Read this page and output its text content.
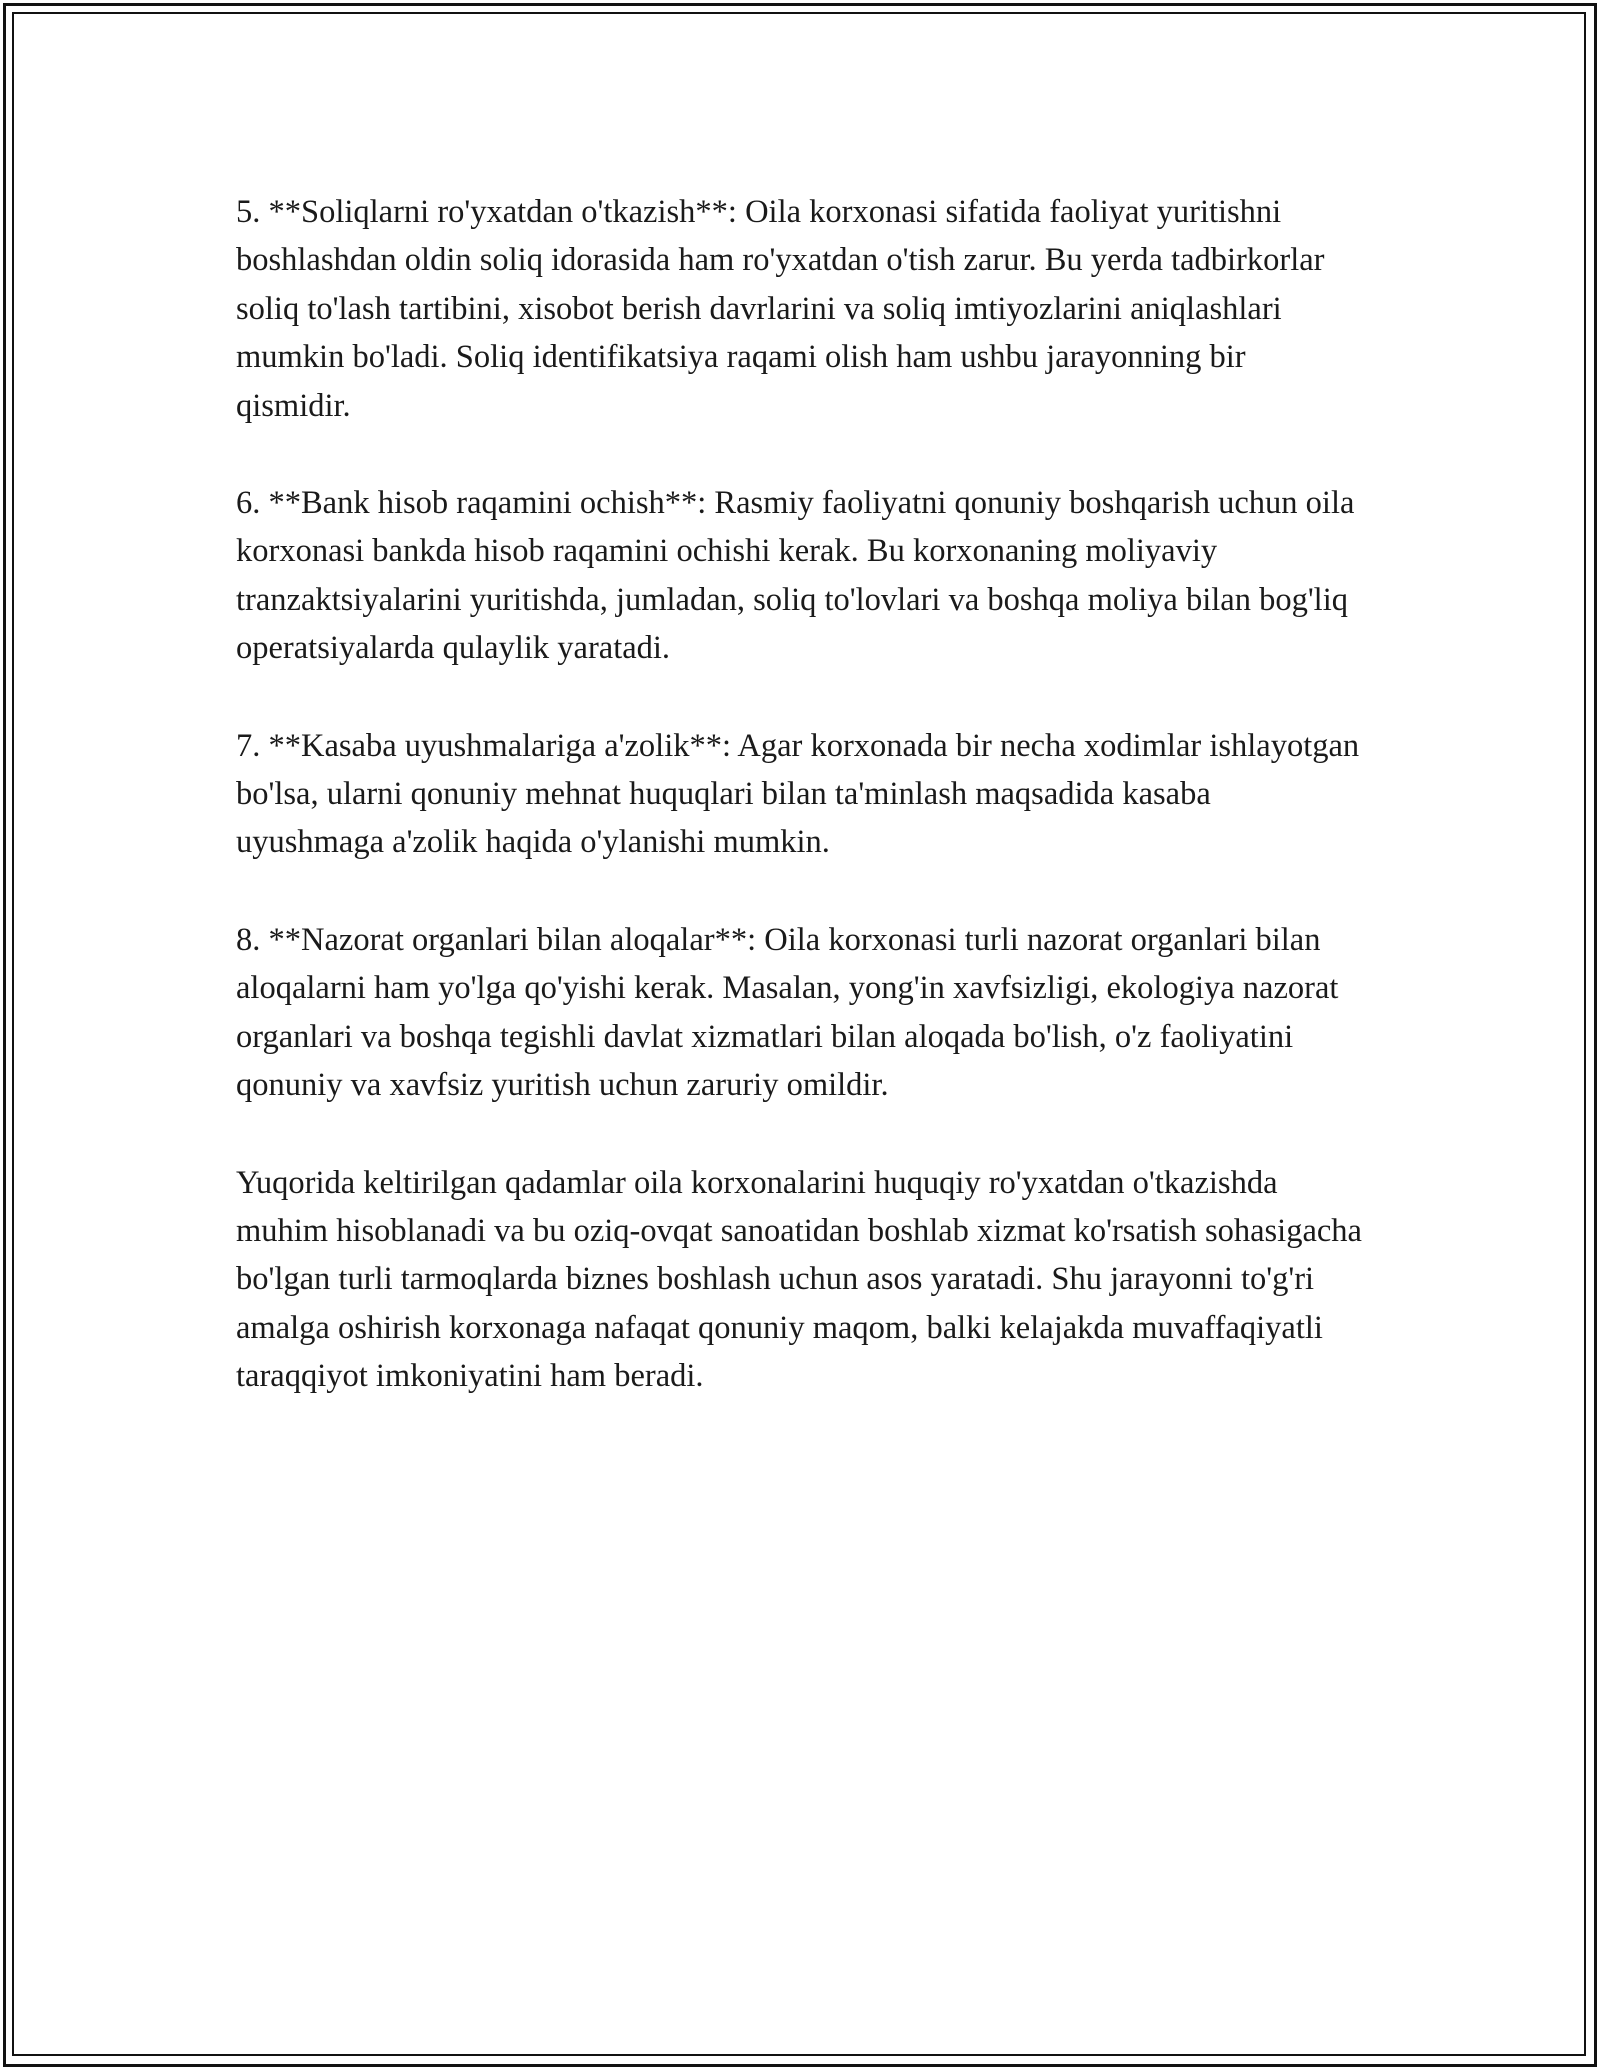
5. **Soliqlarni ro'yxatdan o'tkazish**: Oila korxonasi sifatida faoliyat yuritishni boshlashdan oldin soliq idorasida ham ro'yxatdan o'tish zarur. Bu yerda tadbirkorlar soliq to'lash tartibini, xisobot berish davrlarini va soliq imtiyozlarini aniqlashlari mumkin bo'ladi. Soliq identifikatsiya raqami olish ham ushbu jarayonning bir qismidir.

6. **Bank hisob raqamini ochish**: Rasmiy faoliyatni qonuniy boshqarish uchun oila korxonasi bankda hisob raqamini ochishi kerak. Bu korxonaning moliyaviy tranzaktsiyalarini yuritishda, jumladan, soliq to'lovlari va boshqa moliya bilan bog'liq operatsiyalarda qulaylik yaratadi.

7. **Kasaba uyushmalariga a'zolik**: Agar korxonada bir necha xodimlar ishlayotgan bo'lsa, ularni qonuniy mehnat huquqlari bilan ta'minlash maqsadida kasaba uyushmaga a'zolik haqida o'ylanishi mumkin.

8. **Nazorat organlari bilan aloqalar**: Oila korxonasi turli nazorat organlari bilan aloqalarni ham yo'lga qo'yishi kerak. Masalan, yong'in xavfsizligi, ekologiya nazorat organlari va boshqa tegishli davlat xizmatlari bilan aloqada bo'lish, o'z faoliyatini qonuniy va xavfsiz yuritish uchun zaruriy omildir.

Yuqorida keltirilgan qadamlar oila korxonalarini huquqiy ro'yxatdan o'tkazishda muhim hisoblanadi va bu oziq-ovqat sanoatidan boshlab xizmat ko'rsatish sohasigacha bo'lgan turli tarmoqlarda biznes boshlash uchun asos yaratadi. Shu jarayonni to'g'ri amalga oshirish korxonaga nafaqat qonuniy maqom, balki kelajakda muvaffaqiyatli taraqqiyot imkoniyatini ham beradi.
